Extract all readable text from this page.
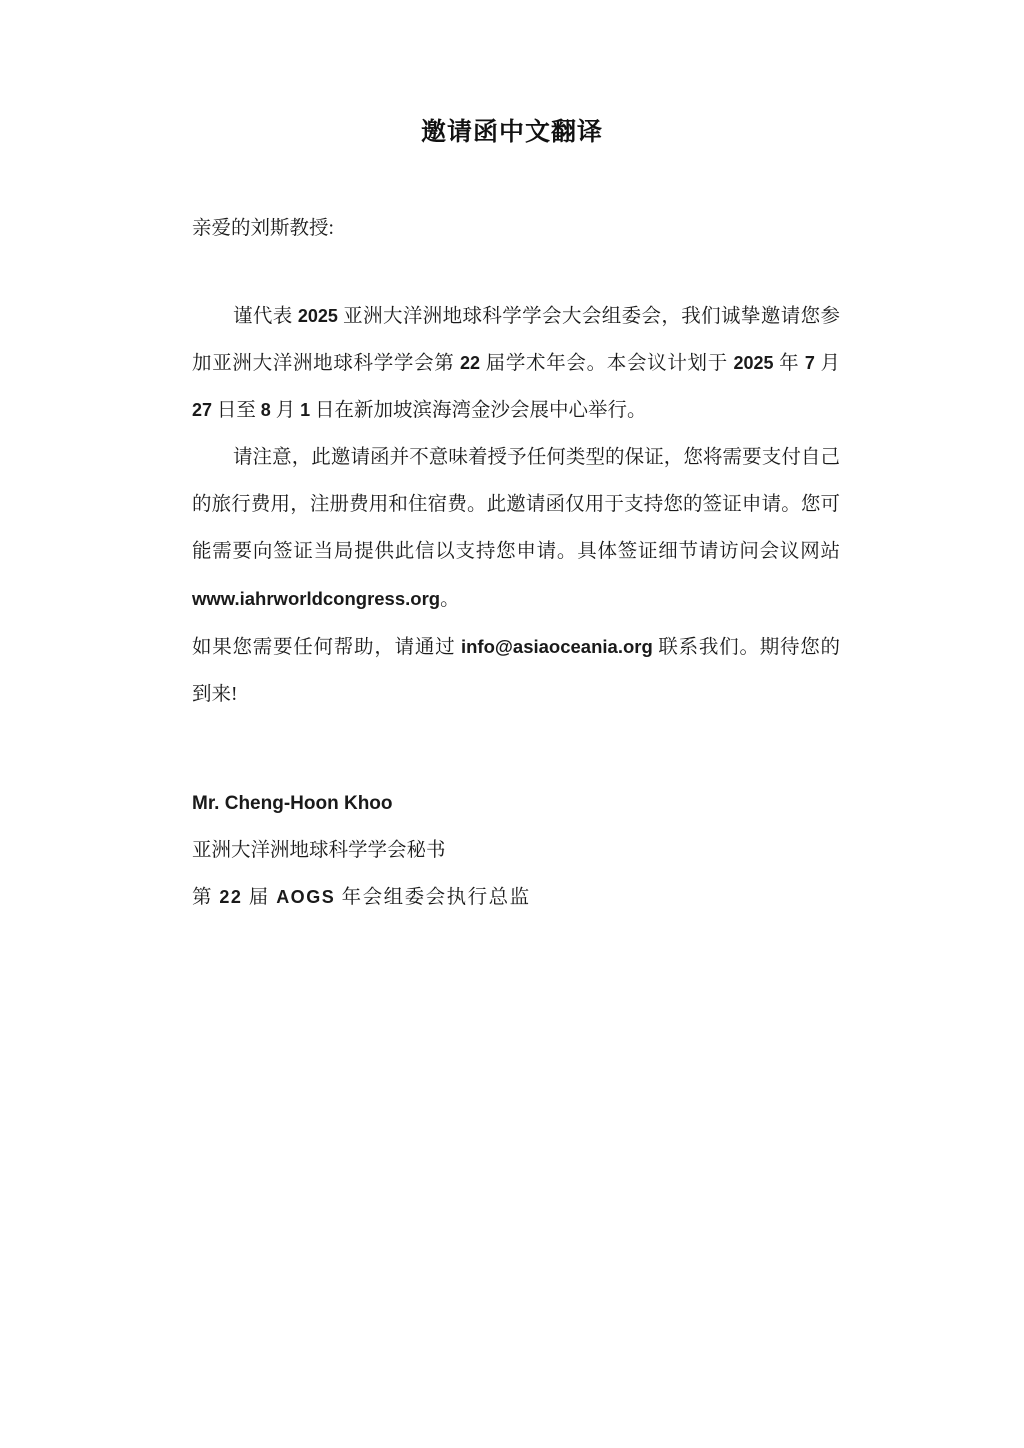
邀请函中文翻译

亲爱的刘斯教授:

谨代表 2025 亚洲大洋洲地球科学学会大会组委会，我们诚挚邀请您参加亚洲大洋洲地球科学学会第 22 届学术年会。本会议计划于 2025 年 7 月 27 日至 8 月 1 日在新加坡滨海湾金沙会展中心举行。

请注意，此邀请函并不意味着授予任何类型的保证，您将需要支付自己的旅行费用，注册费用和住宿费。此邀请函仅用于支持您的签证申请。您可能需要向签证当局提供此信以支持您申请。具体签证细节请访问会议网站 www.iahrworldcongress.org。

如果您需要任何帮助，请通过 info@asiaoceania.org 联系我们。期待您的到来!

Mr. Cheng-Hoon Khoo

亚洲大洋洲地球科学学会秘书

第 22 届 AOGS 年会组委会执行总监
